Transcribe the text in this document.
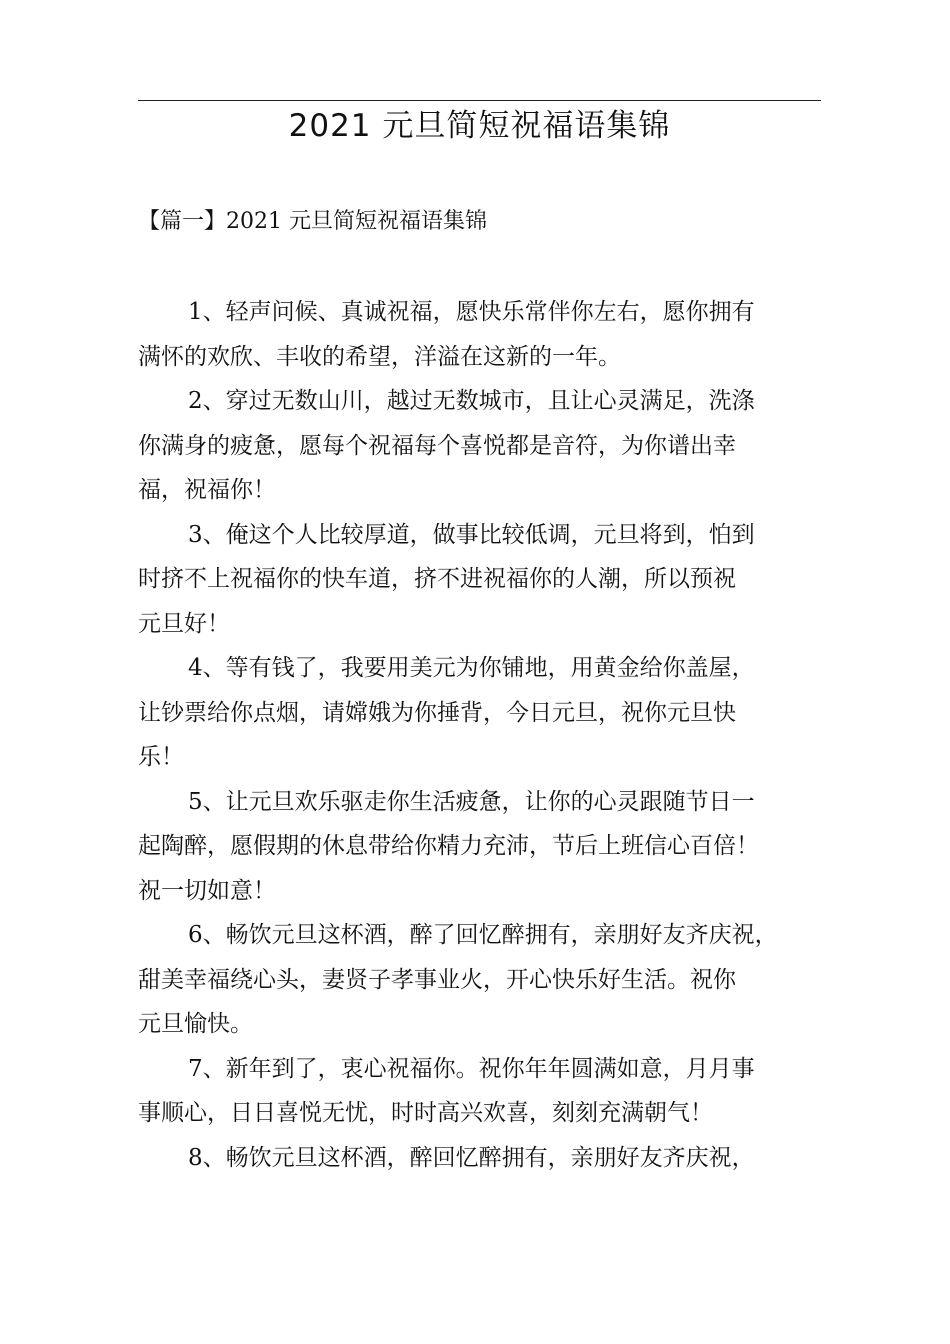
2021 元旦简短祝福语集锦
【篇一】2021 元旦简短祝福语集锦

1、轻声问候、真诚祝福，愿快乐常伴你左右，愿你拥有
满怀的欢欣、丰收的希望，洋溢在这新的一年。

2、穿过无数山川，越过无数城市，且让心灵满足，洗涤
你满身的疲惫，愿每个祝福每个喜悦都是音符，为你谱出幸
福，祝福你！

3、俺这个人比较厚道，做事比较低调，元旦将到，怕到
时挤不上祝福你的快车道，挤不进祝福你的人潮，所以预祝
元旦好！

4、等有钱了，我要用美元为你铺地，用黄金给你盖屋，
让钞票给你点烟，请嫦娥为你捶背，今日元旦，祝你元旦快
乐！

5、让元旦欢乐驱走你生活疲惫，让你的心灵跟随节日一
起陶醉，愿假期的休息带给你精力充沛，节后上班信心百倍！
祝一切如意！

6、畅饮元旦这杯酒，醉了回忆醉拥有，亲朋好友齐庆祝，
甜美幸福绕心头，妻贤子孝事业火，开心快乐好生活。祝你
元旦愉快。

7、新年到了，衷心祝福你。祝你年年圆满如意，月月事
事顺心，日日喜悦无忧，时时高兴欢喜，刻刻充满朝气！

8、畅饮元旦这杯酒，醉回忆醉拥有，亲朋好友齐庆祝，
